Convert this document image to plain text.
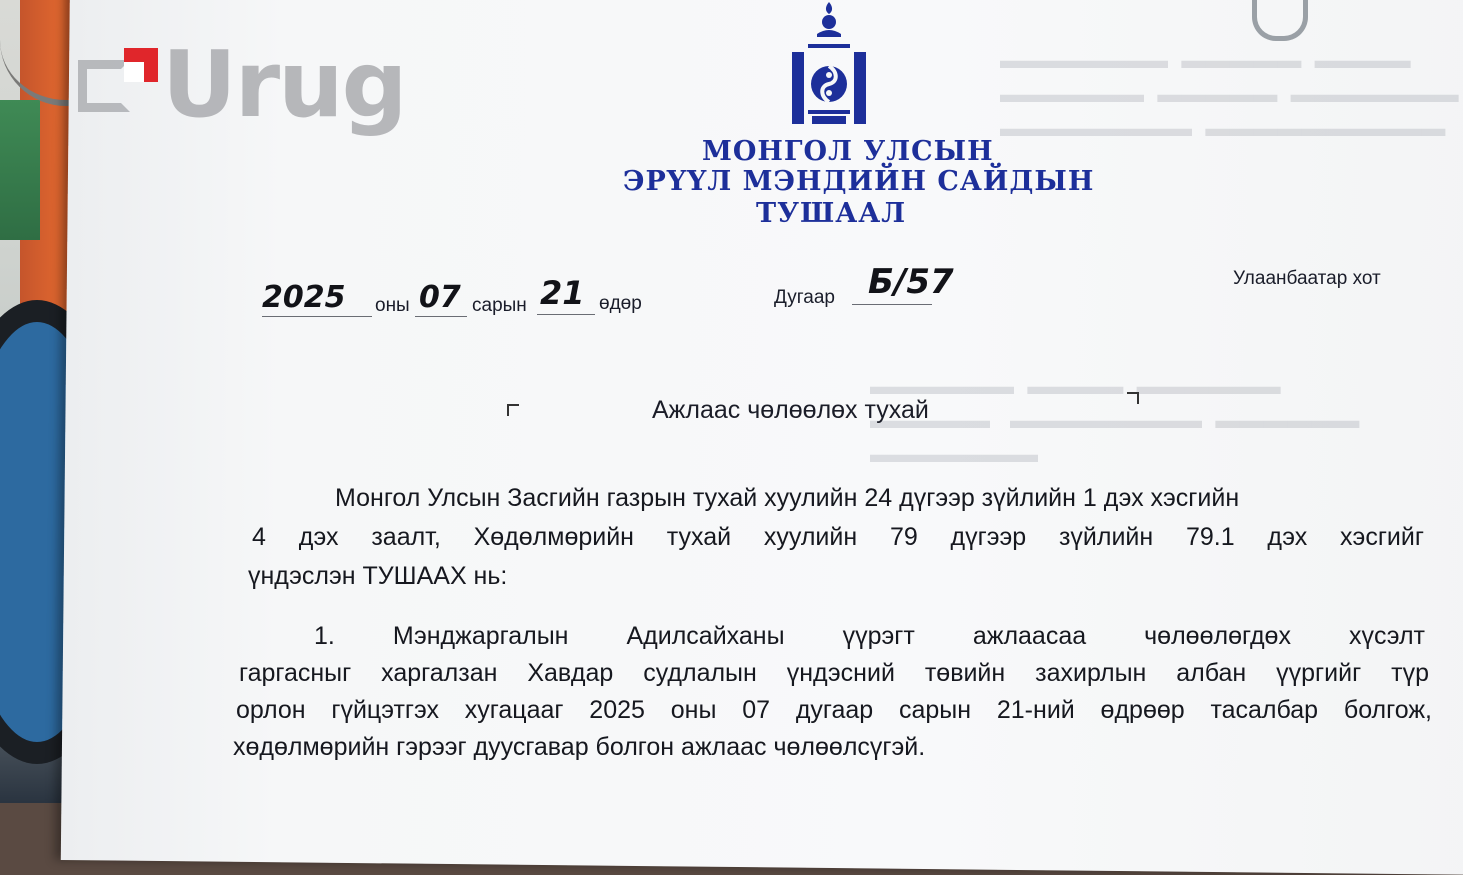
▬▬▬▬▬▬▬  ▬▬▬▬▬  ▬▬▬▬
▬▬▬▬▬▬  ▬▬▬▬▬  ▬▬▬▬▬▬▬
▬▬▬▬▬▬▬▬  ▬▬▬▬▬▬▬▬▬▬
▬▬▬▬▬▬  ▬▬▬▬  ▬▬▬▬▬▬
▬▬▬▬▬   ▬▬▬▬▬▬▬▬  ▬▬▬▬▬▬
▬▬▬▬▬▬▬
Urug
МОНГОЛ УЛСЫН
ЭРҮҮЛ МЭНДИЙН САЙДЫН
ТУШААЛ
2025 оны 07 сарын 21 өдөр	Дугаар Б/57	Улаанбаатар хот
Ажлаас чөлөөлөх тухай
Монгол Улсын Засгийн газрын тухай хуулийн 24 дүгээр зүйлийн 1 дэх хэсгийн
4 дэх заалт, Хөдөлмөрийн тухай хуулийн 79 дүгээр зүйлийн 79.1 дэх хэсгийг
үндэслэн ТУШААХ нь:
1. Мэнджаргалын Адилсайханы үүрэгт ажлаасаа чөлөөлөгдөх хүсэлт
гаргасныг харгалзан Хавдар судлалын үндэсний төвийн захирлын албан үүргийг түр
орлон гүйцэтгэх хугацааг 2025 оны 07 дугаар сарын 21-ний өдрөөр тасалбар болгож,
хөдөлмөрийн гэрээг дуусгавар болгон ажлаас чөлөөлсүгэй.
